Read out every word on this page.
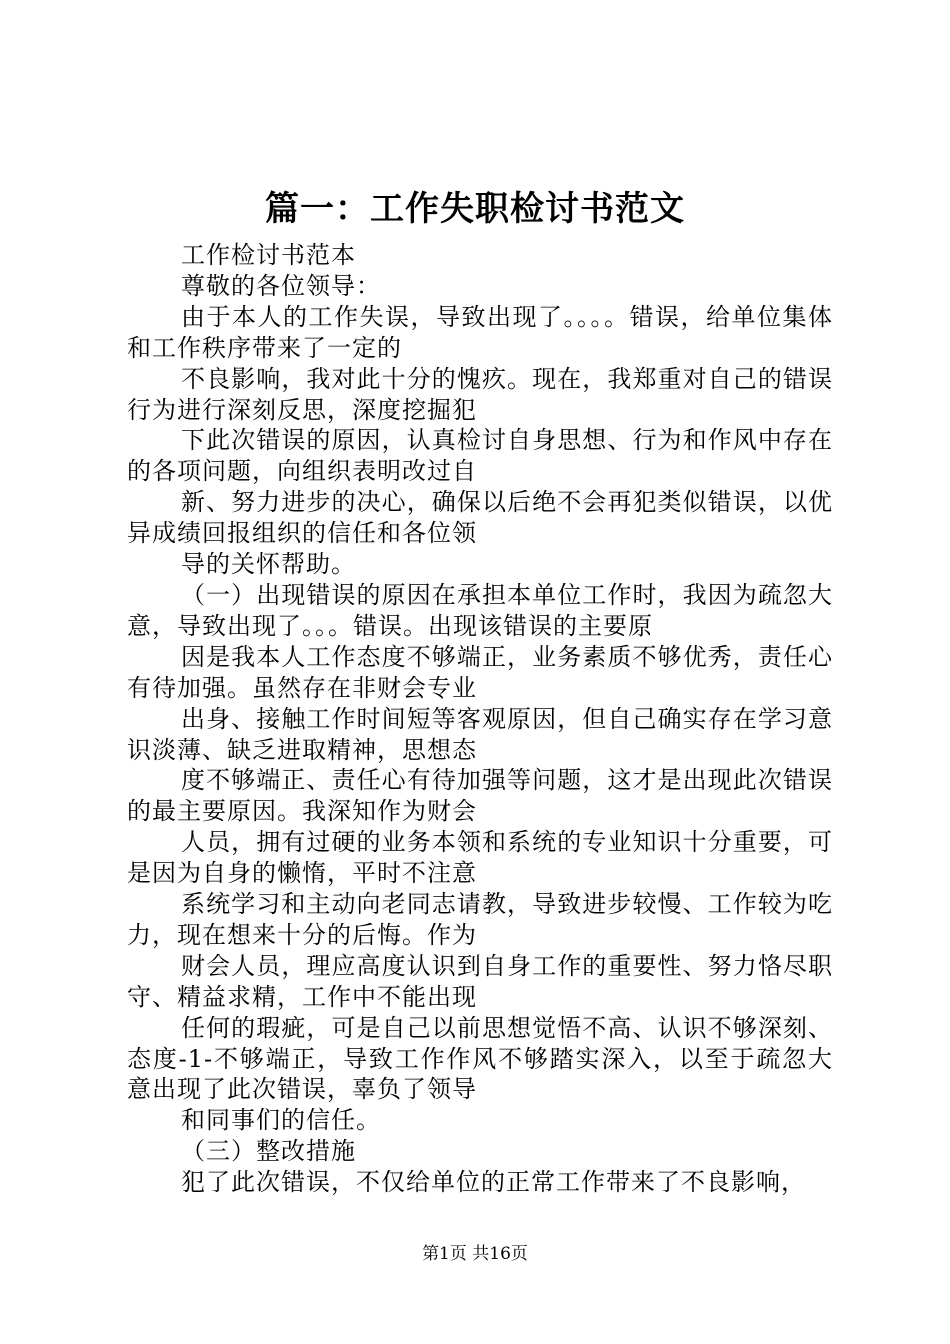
篇一：工作失职检讨书范文

工作检讨书范本

尊敬的各位领导：

由于本人的工作失误，导致出现了。。。。错误，给单位集体和工作秩序带来了一定的

不良影响，我对此十分的愧疚。现在，我郑重对自己的错误行为进行深刻反思，深度挖掘犯

下此次错误的原因，认真检讨自身思想、行为和作风中存在的各项问题，向组织表明改过自

新、努力进步的决心，确保以后绝不会再犯类似错误，以优异成绩回报组织的信任和各位领

导的关怀帮助。

（一）出现错误的原因在承担本单位工作时，我因为疏忽大意，导致出现了。。。错误。出现该错误的主要原

因是我本人工作态度不够端正，业务素质不够优秀，责任心有待加强。虽然存在非财会专业

出身、接触工作时间短等客观原因，但自己确实存在学习意识淡薄、缺乏进取精神，思想态

度不够端正、责任心有待加强等问题，这才是出现此次错误的最主要原因。我深知作为财会

人员，拥有过硬的业务本领和系统的专业知识十分重要，可是因为自身的懒惰，平时不注意

系统学习和主动向老同志请教，导致进步较慢、工作较为吃力，现在想来十分的后悔。作为

财会人员，理应高度认识到自身工作的重要性、努力恪尽职守、精益求精，工作中不能出现

任何的瑕疵，可是自己以前思想觉悟不高、认识不够深刻、态度-1-不够端正，导致工作作风不够踏实深入，以至于疏忽大意出现了此次错误，辜负了领导

和同事们的信任。

（三）整改措施

犯了此次错误，不仅给单位的正常工作带来了不良影响，

第1页 共16页
